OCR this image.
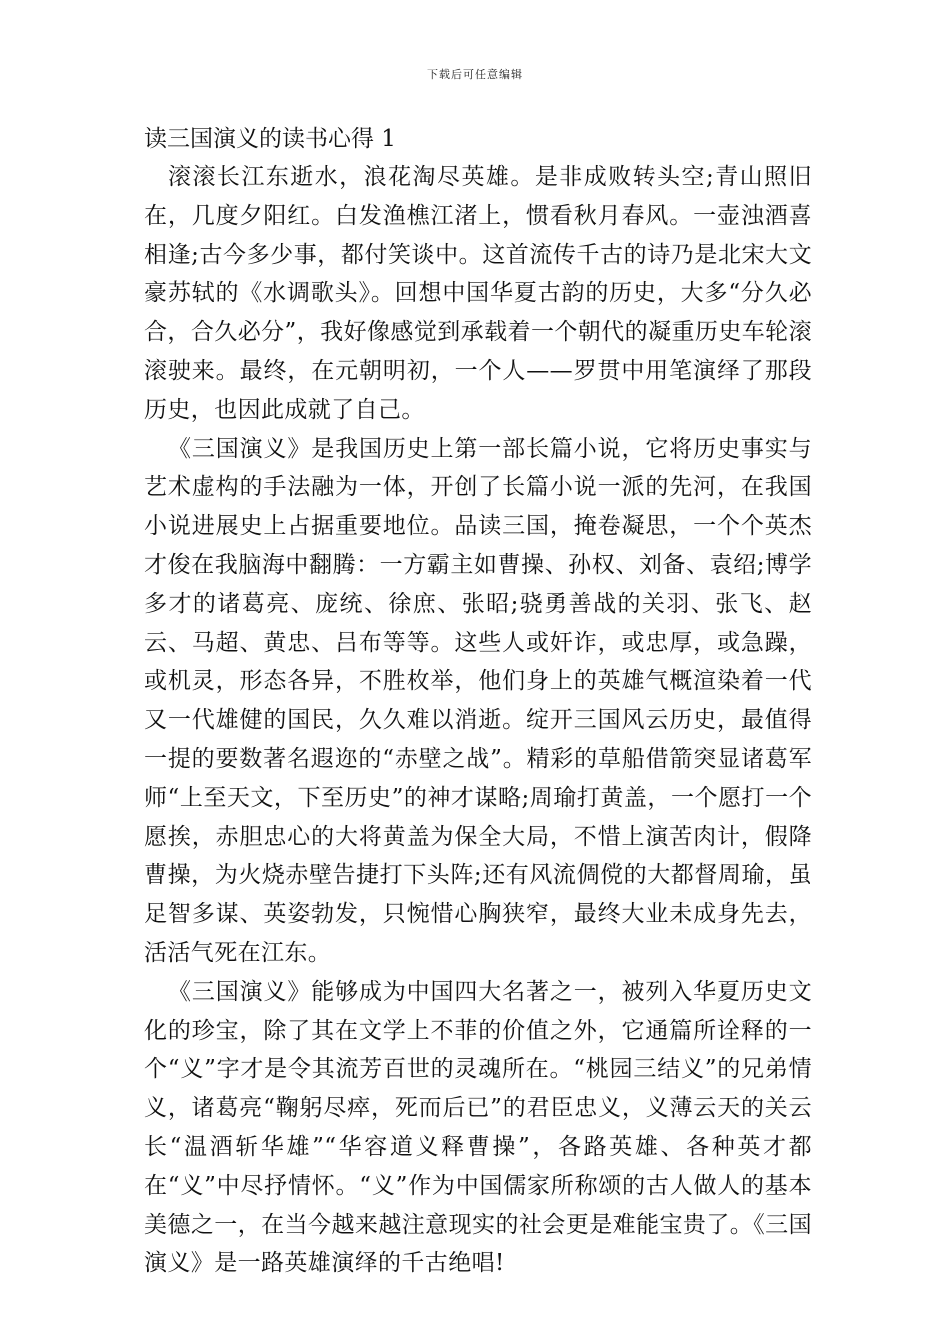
下载后可任意编辑
读三国演义的读书心得 1

滚滚长江东逝水，浪花淘尽英雄。是非成败转头空;青山照旧在，几度夕阳红。白发渔樵江渚上，惯看秋月春风。一壶浊酒喜相逢;古今多少事，都付笑谈中。这首流传千古的诗乃是北宋大文豪苏轼的《水调歌头》。回想中国华夏古韵的历史，大多“分久必合，合久必分”，我好像感觉到承载着一个朝代的凝重历史车轮滚滚驶来。最终，在元朝明初，一个人——罗贯中用笔演绎了那段历史，也因此成就了自己。

《三国演义》是我国历史上第一部长篇小说，它将历史事实与艺术虚构的手法融为一体，开创了长篇小说一派的先河，在我国小说进展史上占据重要地位。品读三国，掩卷凝思，一个个英杰才俊在我脑海中翻腾：一方霸主如曹操、孙权、刘备、袁绍;博学多才的诸葛亮、庞统、徐庶、张昭;骁勇善战的关羽、张飞、赵云、马超、黄忠、吕布等等。这些人或奸诈，或忠厚，或急躁，或机灵，形态各异，不胜枚举，他们身上的英雄气概渲染着一代又一代雄健的国民，久久难以消逝。绽开三国风云历史，最值得一提的要数著名遐迩的“赤壁之战”。精彩的草船借箭突显诸葛军师“上至天文，下至历史”的神才谋略;周瑜打黄盖，一个愿打一个愿挨，赤胆忠心的大将黄盖为保全大局，不惜上演苦肉计，假降曹操，为火烧赤壁告捷打下头阵;还有风流倜傥的大都督周瑜，虽足智多谋、英姿勃发，只惋惜心胸狭窄，最终大业未成身先去，活活气死在江东。

《三国演义》能够成为中国四大名著之一，被列入华夏历史文化的珍宝，除了其在文学上不菲的价值之外，它通篇所诠释的一个“义”字才是令其流芳百世的灵魂所在。“桃园三结义”的兄弟情义，诸葛亮“鞠躬尽瘁，死而后已”的君臣忠义，义薄云天的关云长“温酒斩华雄”“华容道义释曹操”，各路英雄、各种英才都在“义”中尽抒情怀。“义”作为中国儒家所称颂的古人做人的基本美德之一，在当今越来越注意现实的社会更是难能宝贵了。《三国演义》是一路英雄演绎的千古绝唱!
